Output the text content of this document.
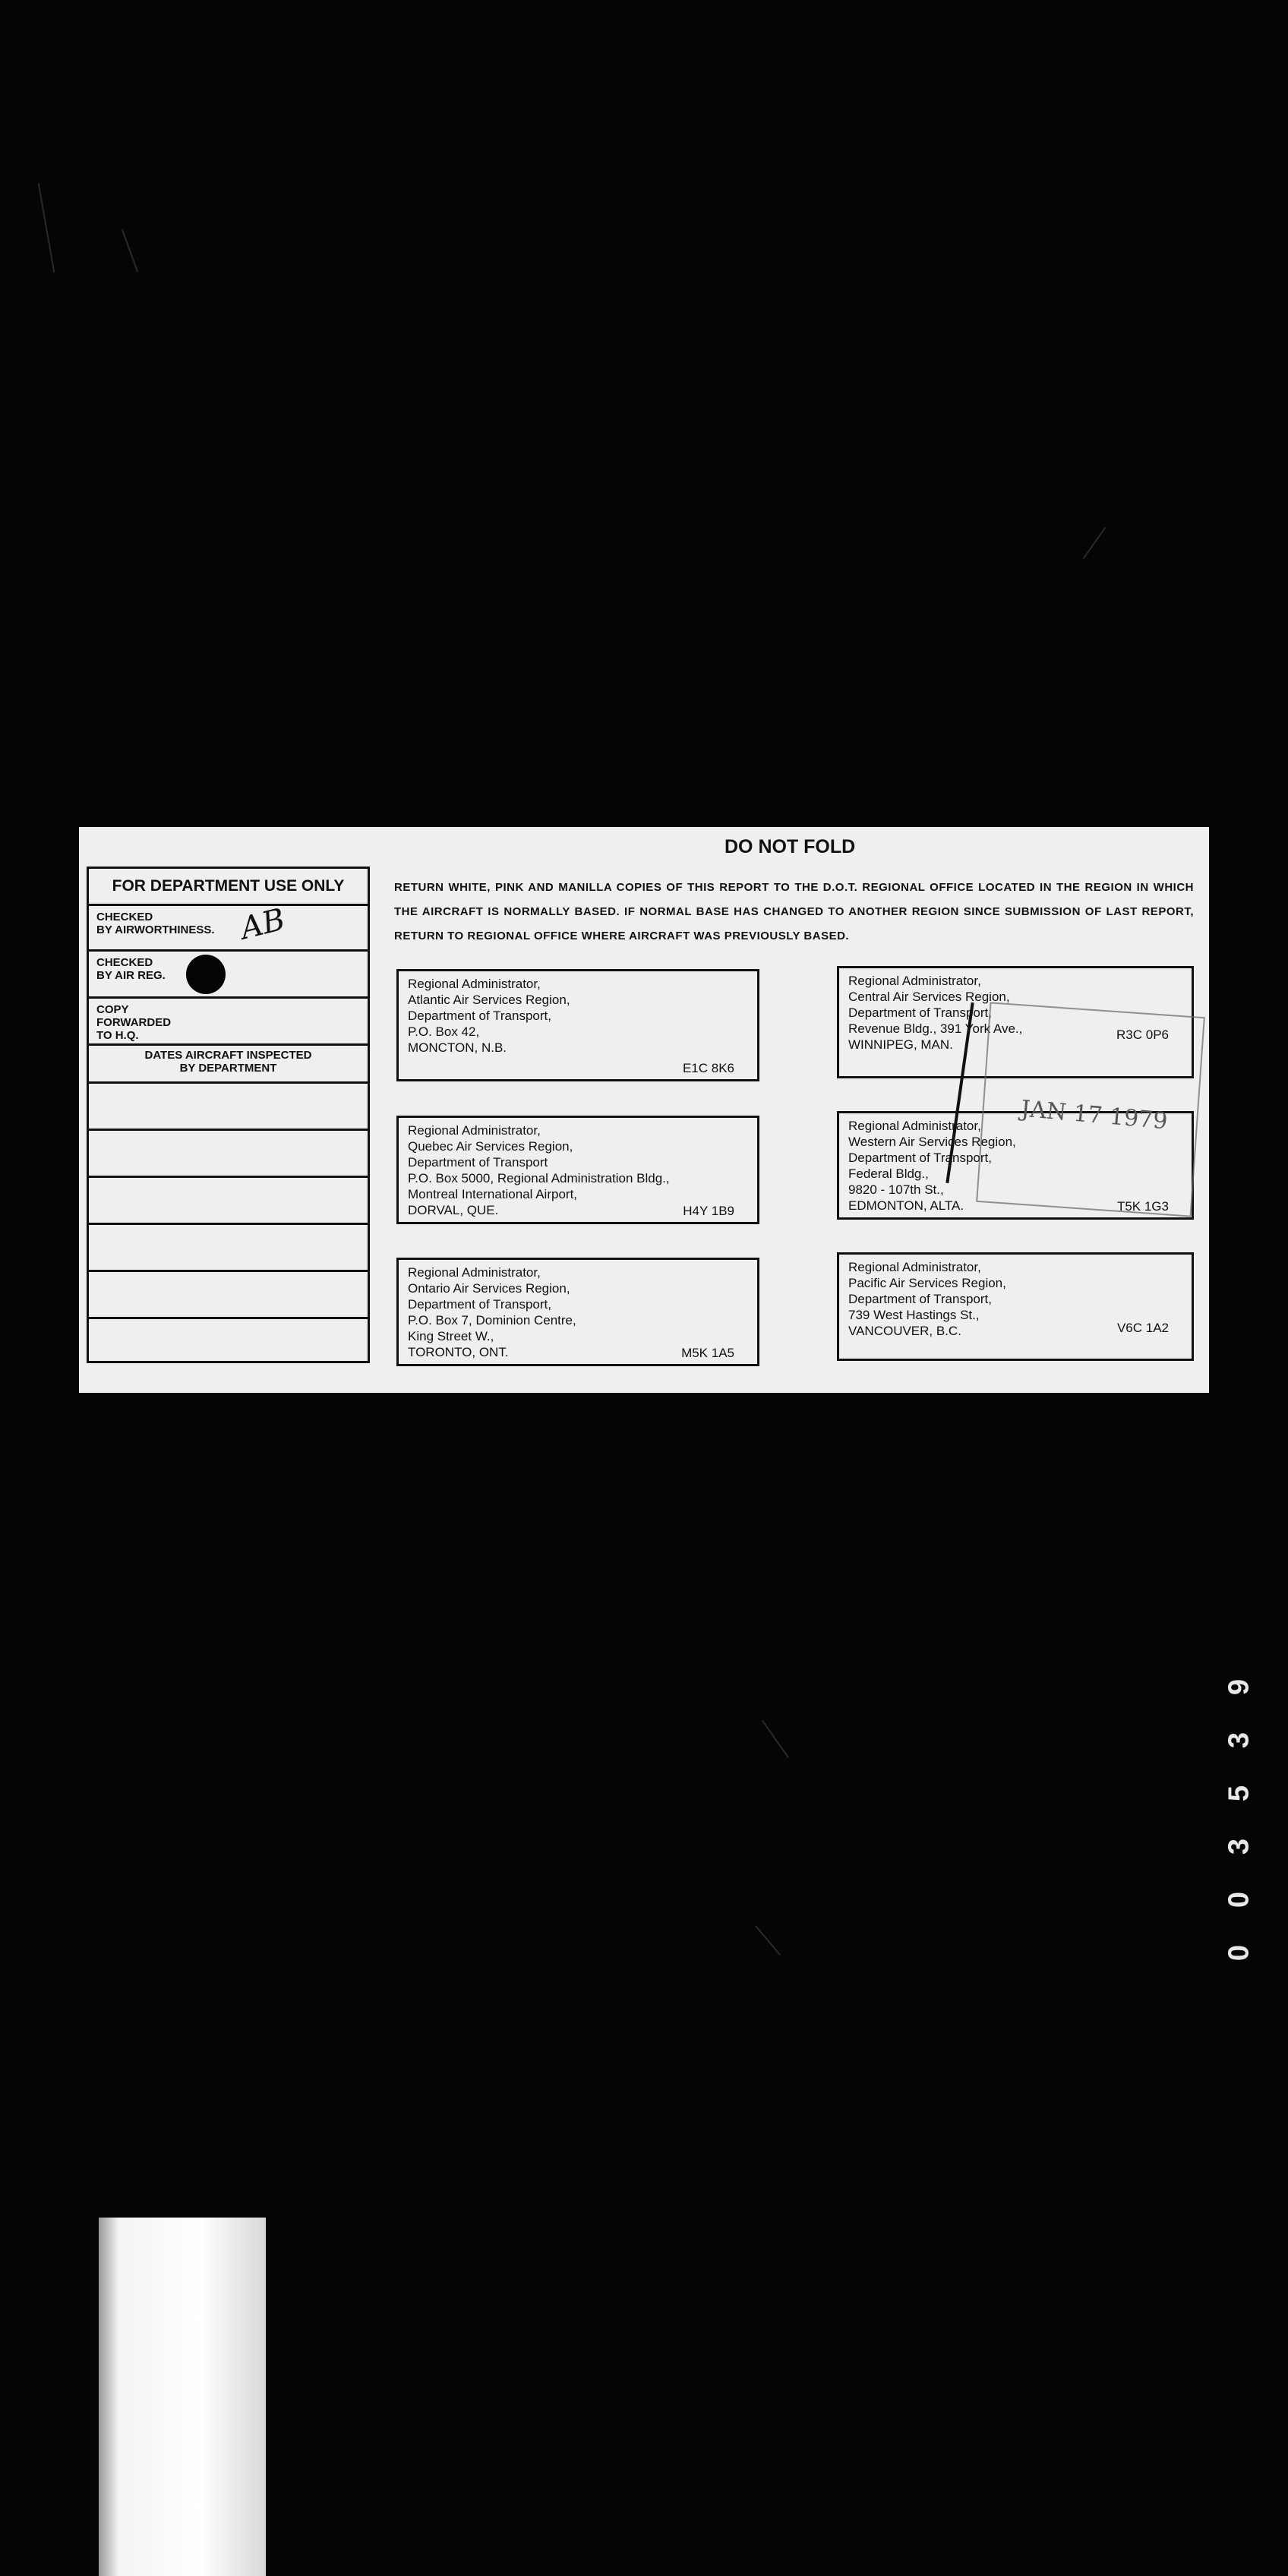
DO NOT FOLD
FOR DEPARTMENT USE ONLY
CHECKED
BY AIRWORTHINESS. AB
CHECKED
BY AIR REG.
COPY
FORWARDED
TO H.Q.
DATES AIRCRAFT INSPECTED
BY DEPARTMENT
RETURN WHITE, PINK AND MANILLA COPIES OF THIS REPORT TO THE D.O.T. REGIONAL OFFICE LOCATED IN THE REGION IN WHICH THE AIRCRAFT IS NORMALLY BASED. IF NORMAL BASE HAS CHANGED TO ANOTHER REGION SINCE SUBMISSION OF LAST REPORT, RETURN TO REGIONAL OFFICE WHERE AIRCRAFT WAS PREVIOUSLY BASED.
Regional Administrator,
Atlantic Air Services Region,
Department of Transport,
P.O. Box 42,
MONCTON, N.B.
E1C 8K6
Regional Administrator,
Quebec Air Services Region,
Department of Transport
P.O. Box 5000, Regional Administration Bldg.,
Montreal International Airport,
DORVAL, QUE.	H4Y 1B9
Regional Administrator,
Ontario Air Services Region,
Department of Transport,
P.O. Box 7, Dominion Centre,
King Street W.,
TORONTO, ONT.	M5K 1A5
Regional Administrator,
Central Air Services Region,
Department of Transport,
Revenue Bldg., 391 York Ave.,
WINNIPEG, MAN.
R3C 0P6
Regional Administrator,
Western Air Services Region,
Department of Transport,
Federal Bldg.,
9820 - 107th St.,
EDMONTON, ALTA.	T5K 1G3
Regional Administrator,
Pacific Air Services Region,
Department of Transport,
739 West Hastings St.,
VANCOUVER, B.C.	V6C 1A2
JAN 17 1979
9
3
5
3
0
0
